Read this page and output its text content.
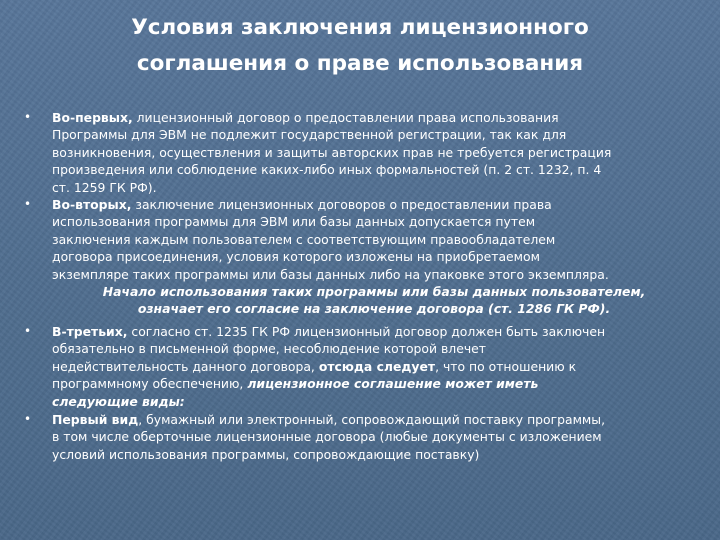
Условия заключения лицензионного
соглашения о праве использования
•	Во-первых, лицензионный договор о предоставлении права использования
Программы для ЭВМ не подлежит государственной регистрации, так как для
возникновения, осуществления и защиты авторских прав не требуется регистрация
произведения или соблюдение каких-либо иных формальностей (п. 2 ст. 1232, п. 4
ст. 1259 ГК РФ).
•	Во-вторых, заключение лицензионных договоров о предоставлении права
использования программы для ЭВМ или базы данных допускается путем
заключения каждым пользователем с соответствующим правообладателем
договора присоединения, условия которого изложены на приобретаемом
экземпляре таких программы или базы данных либо на упаковке этого экземпляра.
Начало использования таких программы или базы данных пользователем,
означает его согласие на заключение договора (ст. 1286 ГК РФ).
•	В-третьих, согласно ст. 1235 ГК РФ лицензионный договор должен быть заключен
обязательно в письменной форме, несоблюдение которой влечет
недействительность данного договора, отсюда следует, что по отношению к
программному обеспечению, лицензионное соглашение может иметь
следующие виды:
•	Первый вид, бумажный или электронный, сопровождающий поставку программы,
в том числе оберточные лицензионные договора (любые документы с изложением
условий использования программы, сопровождающие поставку)
